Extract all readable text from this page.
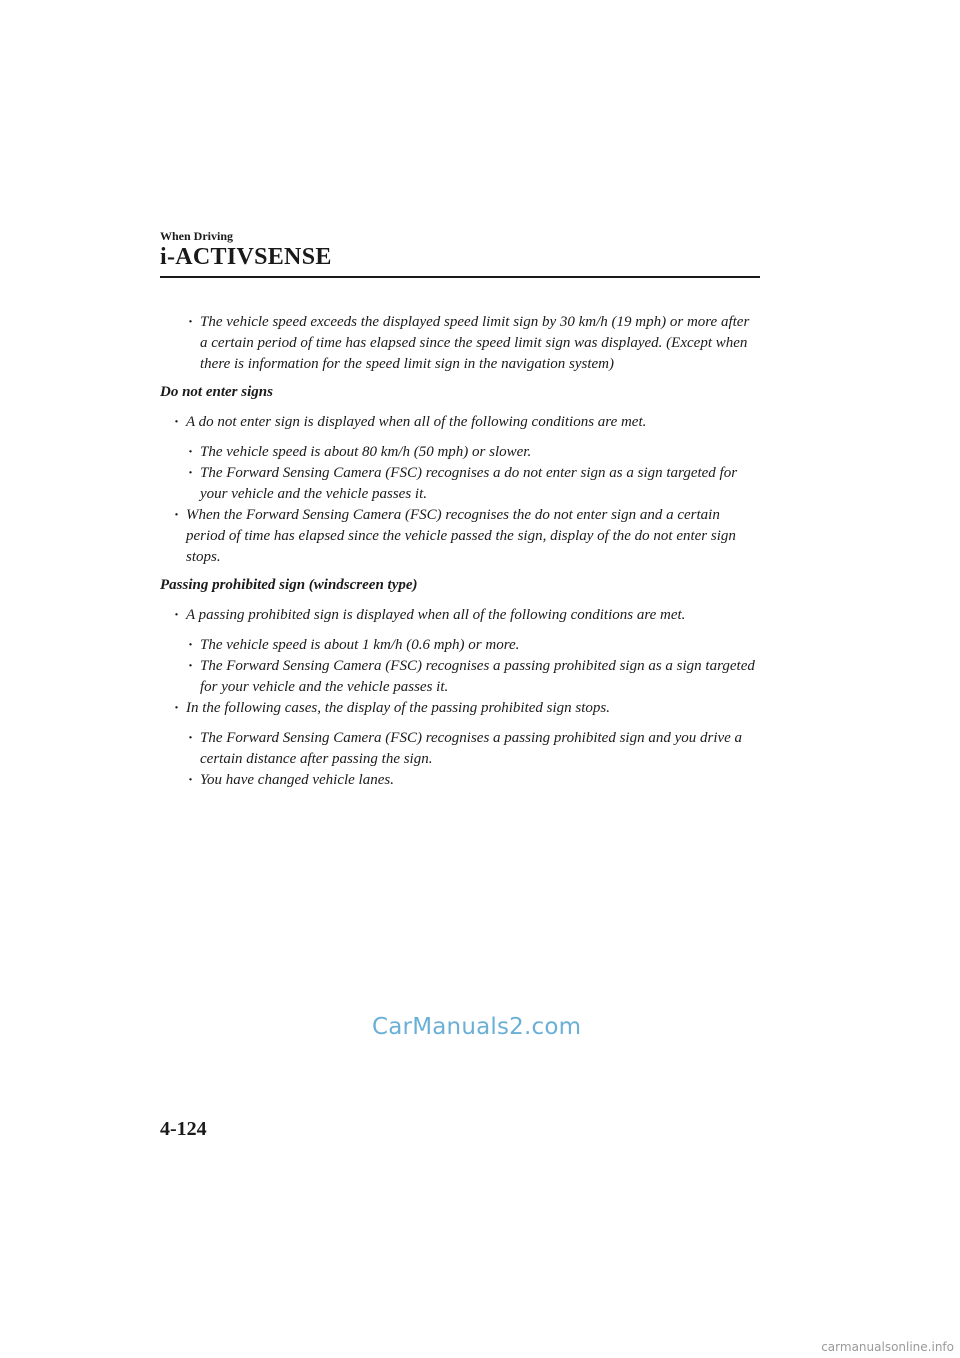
When Driving
i-ACTIVSENSE
· The vehicle speed exceeds the displayed speed limit sign by 30 km/h (19 mph) or more after a certain period of time has elapsed since the speed limit sign was displayed. (Except when there is information for the speed limit sign in the navigation system)
Do not enter signs
· A do not enter sign is displayed when all of the following conditions are met.
· The vehicle speed is about 80 km/h (50 mph) or slower.
· The Forward Sensing Camera (FSC) recognises a do not enter sign as a sign targeted for your vehicle and the vehicle passes it.
· When the Forward Sensing Camera (FSC) recognises the do not enter sign and a certain period of time has elapsed since the vehicle passed the sign, display of the do not enter sign stops.
Passing prohibited sign (windscreen type)
· A passing prohibited sign is displayed when all of the following conditions are met.
· The vehicle speed is about 1 km/h (0.6 mph) or more.
· The Forward Sensing Camera (FSC) recognises a passing prohibited sign as a sign targeted for your vehicle and the vehicle passes it.
· In the following cases, the display of the passing prohibited sign stops.
· The Forward Sensing Camera (FSC) recognises a passing prohibited sign and you drive a certain distance after passing the sign.
· You have changed vehicle lanes.
CarManuals2.com
4-124
carmanualsonline.info
